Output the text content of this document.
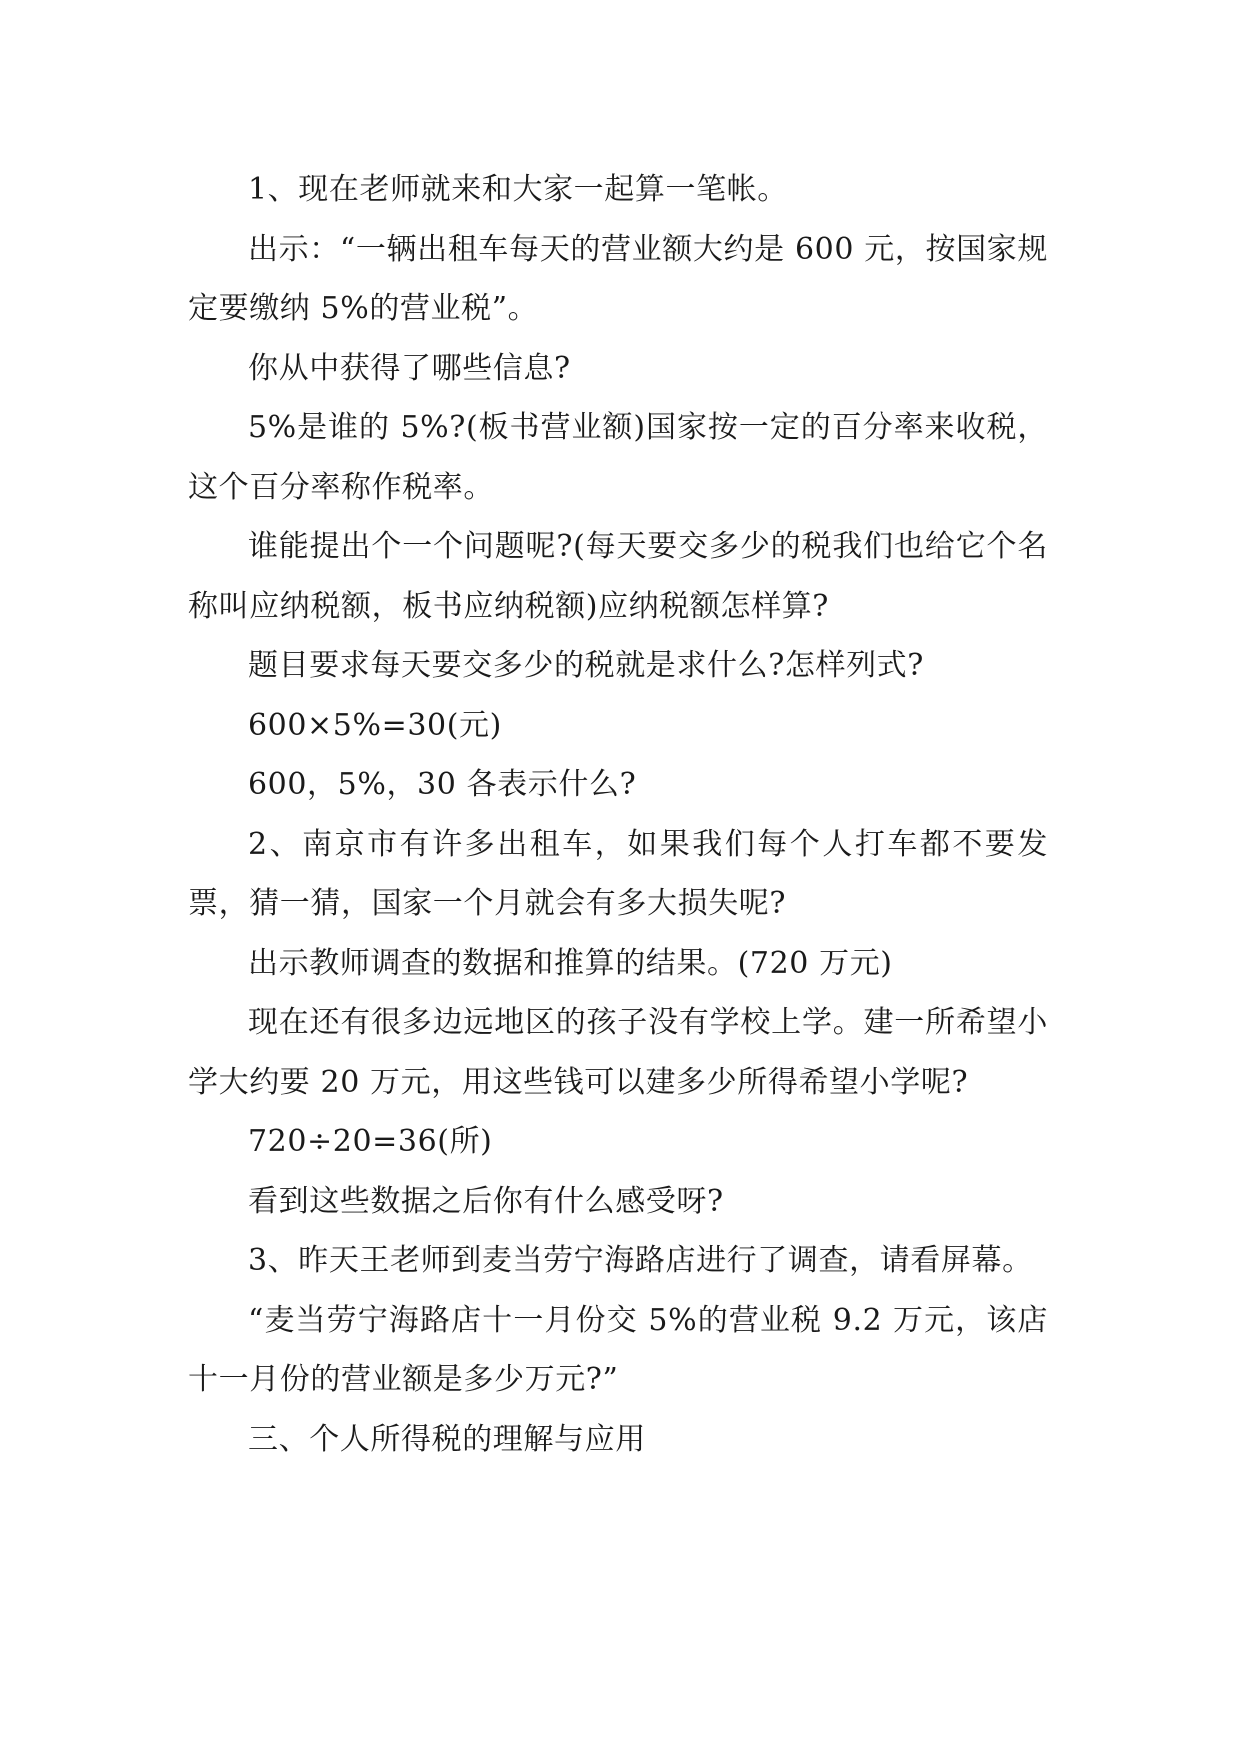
1、现在老师就来和大家一起算一笔帐。

出示：“一辆出租车每天的营业额大约是 600 元，按国家规定要缴纳 5%的营业税”。

你从中获得了哪些信息?

5%是谁的 5%?(板书营业额)国家按一定的百分率来收税，这个百分率称作税率。

谁能提出个一个问题呢?(每天要交多少的税我们也给它个名称叫应纳税额，板书应纳税额)应纳税额怎样算?

题目要求每天要交多少的税就是求什么?怎样列式?

600×5%=30(元)

600，5%，30 各表示什么?

2、南京市有许多出租车，如果我们每个人打车都不要发票，猜一猜，国家一个月就会有多大损失呢?

出示教师调查的数据和推算的结果。(720 万元)

现在还有很多边远地区的孩子没有学校上学。建一所希望小学大约要 20 万元，用这些钱可以建多少所得希望小学呢?

720÷20=36(所)

看到这些数据之后你有什么感受呀?

3、昨天王老师到麦当劳宁海路店进行了调查，请看屏幕。

“麦当劳宁海路店十一月份交 5%的营业税 9.2 万元，该店十一月份的营业额是多少万元?”

三、个人所得税的理解与应用
